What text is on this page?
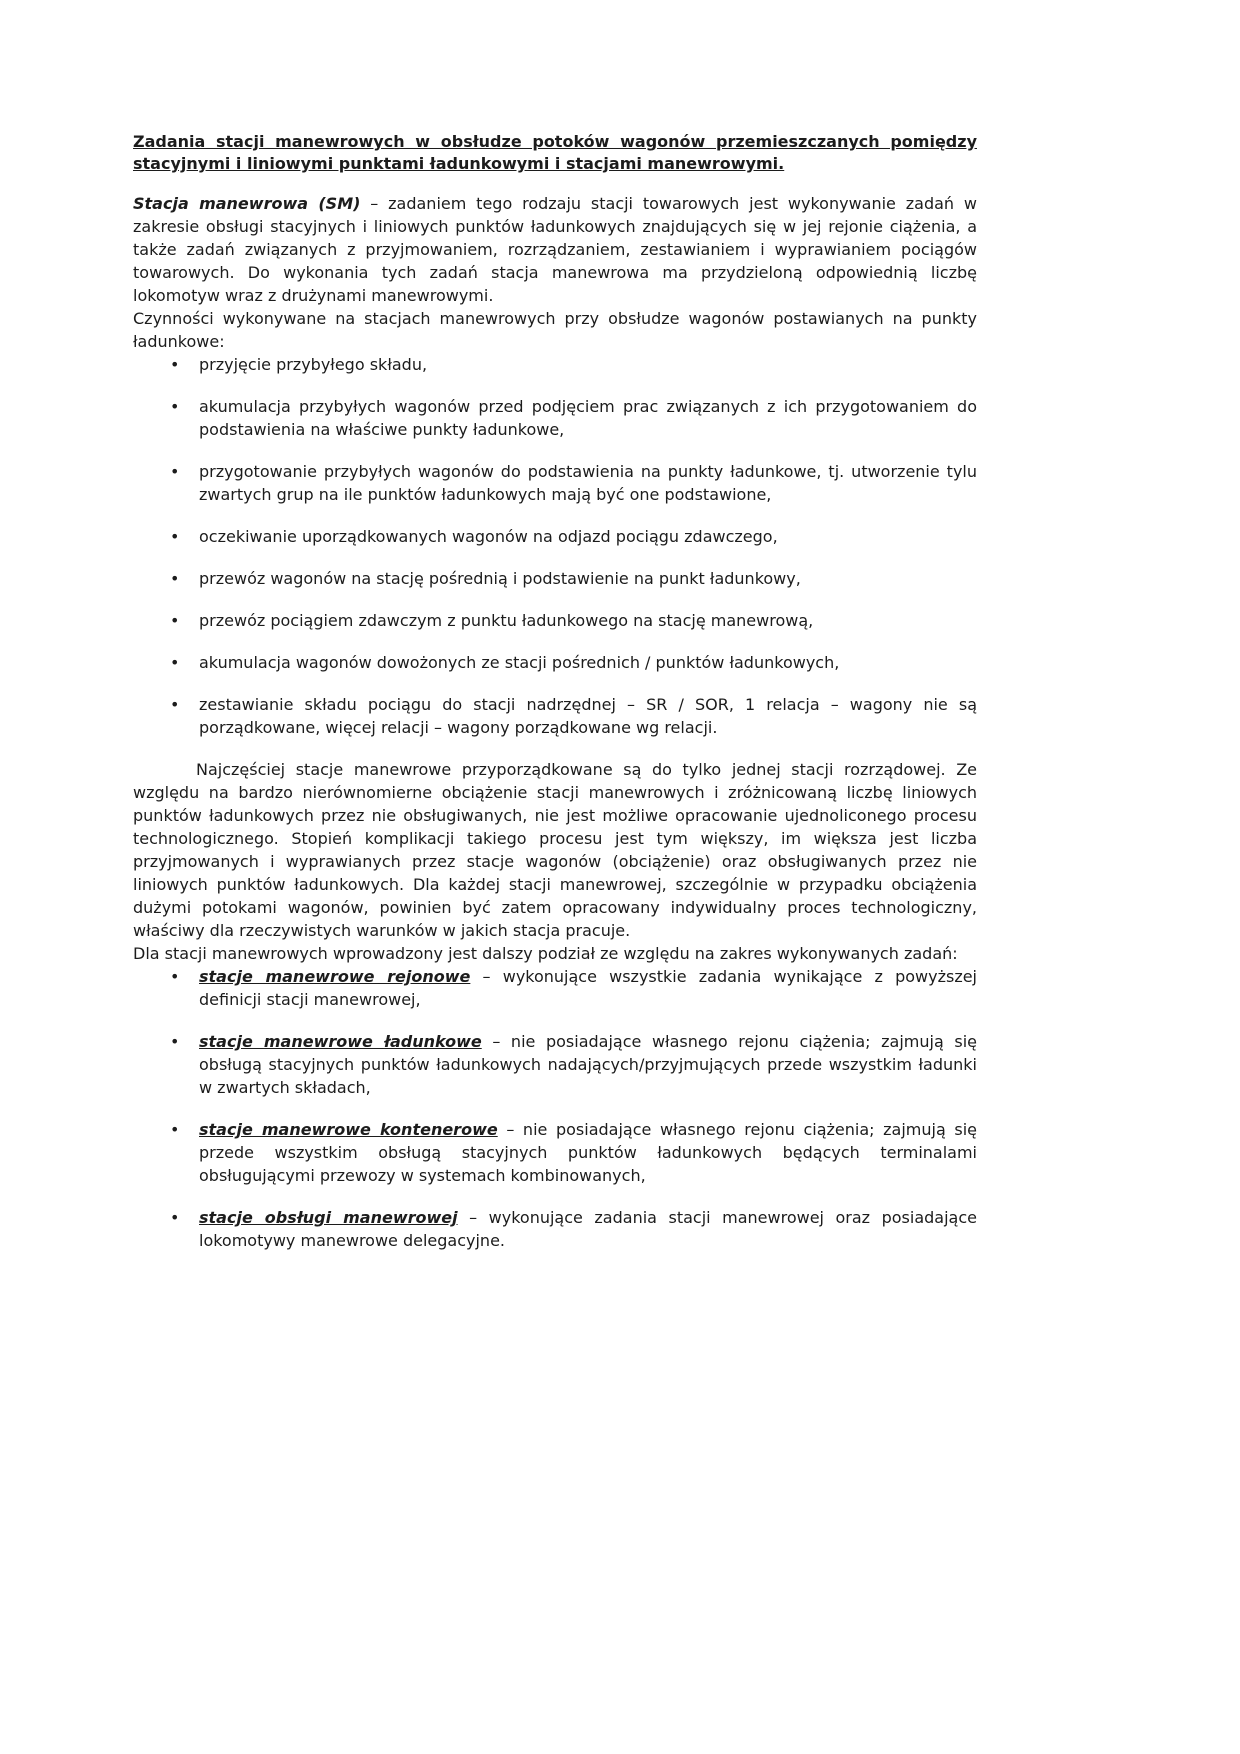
Zadania stacji manewrowych w obsłudze potoków wagonów przemieszczanych pomiędzy stacyjnymi i liniowymi punktami ładunkowymi i stacjami manewrowymi.

Stacja manewrowa (SM) – zadaniem tego rodzaju stacji towarowych jest wykonywanie zadań w zakresie obsługi stacyjnych i liniowych punktów ładunkowych znajdujących się w jej rejonie ciążenia, a także zadań związanych z przyjmowaniem, rozrządzaniem, zestawianiem i wyprawianiem pociągów towarowych. Do wykonania tych zadań stacja manewrowa ma przydzieloną odpowiednią liczbę lokomotyw wraz z drużynami manewrowymi.

Czynności wykonywane na stacjach manewrowych przy obsłudze wagonów postawianych na punkty ładunkowe:

• przyjęcie przybyłego składu,
• akumulacja przybyłych wagonów przed podjęciem prac związanych z ich przygotowaniem do podstawienia na właściwe punkty ładunkowe,
• przygotowanie przybyłych wagonów do podstawienia na punkty ładunkowe, tj. utworzenie tylu zwartych grup na ile punktów ładunkowych mają być one podstawione,
• oczekiwanie uporządkowanych wagonów na odjazd pociągu zdawczego,
• przewóz wagonów na stację pośrednią i podstawienie na punkt ładunkowy,
• przewóz pociągiem zdawczym z punktu ładunkowego na stację manewrową,
• akumulacja wagonów dowożonych ze stacji pośrednich / punktów ładunkowych,
• zestawianie składu pociągu do stacji nadrzędnej – SR / SOR, 1 relacja – wagony nie są porządkowane, więcej relacji – wagony porządkowane wg relacji.

Najczęściej stacje manewrowe przyporządkowane są do tylko jednej stacji rozrządowej. Ze względu na bardzo nierównomierne obciążenie stacji manewrowych i zróżnicowaną liczbę liniowych punktów ładunkowych przez nie obsługiwanych, nie jest możliwe opracowanie ujednoliconego procesu technologicznego. Stopień komplikacji takiego procesu jest tym większy, im większa jest liczba przyjmowanych i wyprawianych przez stacje wagonów (obciążenie) oraz obsługiwanych przez nie liniowych punktów ładunkowych. Dla każdej stacji manewrowej, szczególnie w przypadku obciążenia dużymi potokami wagonów, powinien być zatem opracowany indywidualny proces technologiczny, właściwy dla rzeczywistych warunków w jakich stacja pracuje.

Dla stacji manewrowych wprowadzony jest dalszy podział ze względu na zakres wykonywanych zadań:

• stacje manewrowe rejonowe – wykonujące wszystkie zadania wynikające z powyższej definicji stacji manewrowej,
• stacje manewrowe ładunkowe – nie posiadające własnego rejonu ciążenia; zajmują się obsługą stacyjnych punktów ładunkowych nadających/przyjmujących przede wszystkim ładunki w zwartych składach,
• stacje manewrowe kontenerowe – nie posiadające własnego rejonu ciążenia; zajmują się przede wszystkim obsługą stacyjnych punktów ładunkowych będących terminalami obsługującymi przewozy w systemach kombinowanych,
• stacje obsługi manewrowej – wykonujące zadania stacji manewrowej oraz posiadające lokomotywy manewrowe delegacyjne.
